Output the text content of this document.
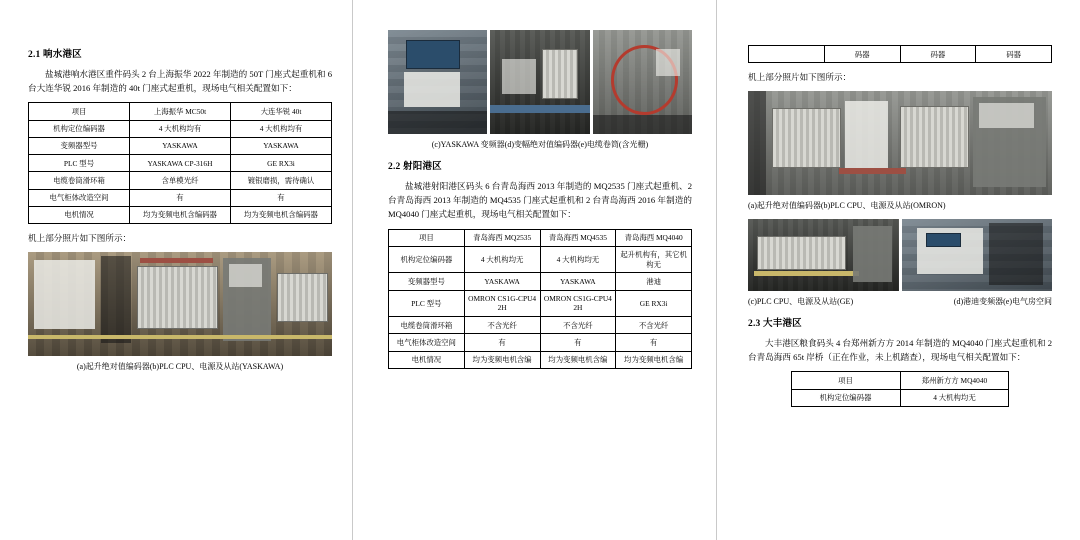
2.1 响水港区

盐城港响水港区重件码头 2 台上海振华 2022 年制造的 50T 门座式起重机和 6 台大连华锐 2016 年制造的 40t 门座式起重机，现场电气相关配置如下：

项目	上海振华 MC50t	大连华锐 40t
机构定位编码器	4 大机构均有	4 大机构均有
变频器型号	YASKAWA	YASKAWA
PLC 型号	YASKAWA CP-316H	GE RX3i
电缆卷筒滑环箱	含单模光纤	镀银磨损，需待确认
电气柜体改造空间	有	有
电机情况	均为变频电机含编码器	均为变频电机含编码器

机上部分照片如下图所示：

(a)起升绝对值编码器(b)PLC CPU、电源及从站(YASKAWA)

(c)YASKAWA 变频器(d)变幅绝对值编码器(e)电缆卷筒(含光栅)

2.2 射阳港区

盐城港射阳港区码头 6 台青岛海西 2013 年制造的 MQ2535 门座式起重机、2 台青岛海西 2013 年制造的 MQ4535 门座式起重机和 2 台青岛海西 2016 年制造的 MQ4040 门座式起重机，现场电气相关配置如下：

项目	青岛海西 MQ2535	青岛海西 MQ4535	青岛海西 MQ4040
机构定位编码器	4 大机构均无	4 大机构均无	起升机构有，其它机构无
变频器型号	YASKAWA	YASKAWA	港迪
PLC 型号	OMRON CS1G-CPU42H	OMRON CS1G-CPU42H	GE RX3i
电缆卷筒滑环箱	不含光纤	不含光纤	不含光纤
电气柜体改造空间	有	有	有
电机情况	均为变频电机含编	均为变频电机含编	均为变频电机含编
	码器	码器	码器

机上部分照片如下图所示：

(a)起升绝对值编码器(b)PLC CPU、电源及从站(OMRON)

(c)PLC CPU、电源及从站(GE)	(d)港迪变频器(e)电气房空间
2.3 大丰港区

大丰港区粮食码头 4 台郑州新方方 2014 年制造的 MQ4040 门座式起重机和 2 台青岛海西 65t 岸桥（正在作业，未上机踏查），现场电气相关配置如下：

项目	郑州新方方 MQ4040
机构定位编码器	4 大机构均无
